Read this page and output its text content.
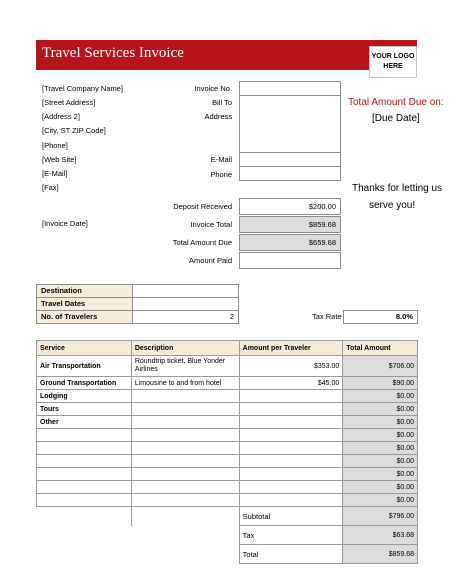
Travel Services Invoice	YOUR LOGO
HERE
[Travel Company Name]
[Street Address]
[Address 2]
[City, ST ZIP Code]
[Phone]
[Web Site]
[E-Mail]
[Fax]
[Invoice Date]
Invoice No.
Bill To
Address
E-Mail
Phone
Deposit Received	$200.00
Invoice Total	$859.68
Total Amount Due	$659.68
Amount Paid
Total Amount Due on:
[Due Date]
Thanks for letting us
serve you!
Destination
Travel Dates
No. of Travelers	2	Tax Rate	8.0%
Service	Description	Amount per Traveler	Total Amount
Air Transportation	Roundtrip ticket, Blue Yonder
Airlines	$353.00	$706.00
Ground Transportation	Limousine to and from hotel	$45.00	$90.00
Lodging			$0.00
Tours			$0.00
Other			$0.00
			$0.00
			$0.00
			$0.00
			$0.00
			$0.00
			$0.00
		Subtotal	$796.00
		Tax	$63.68
		Total	$859.68
